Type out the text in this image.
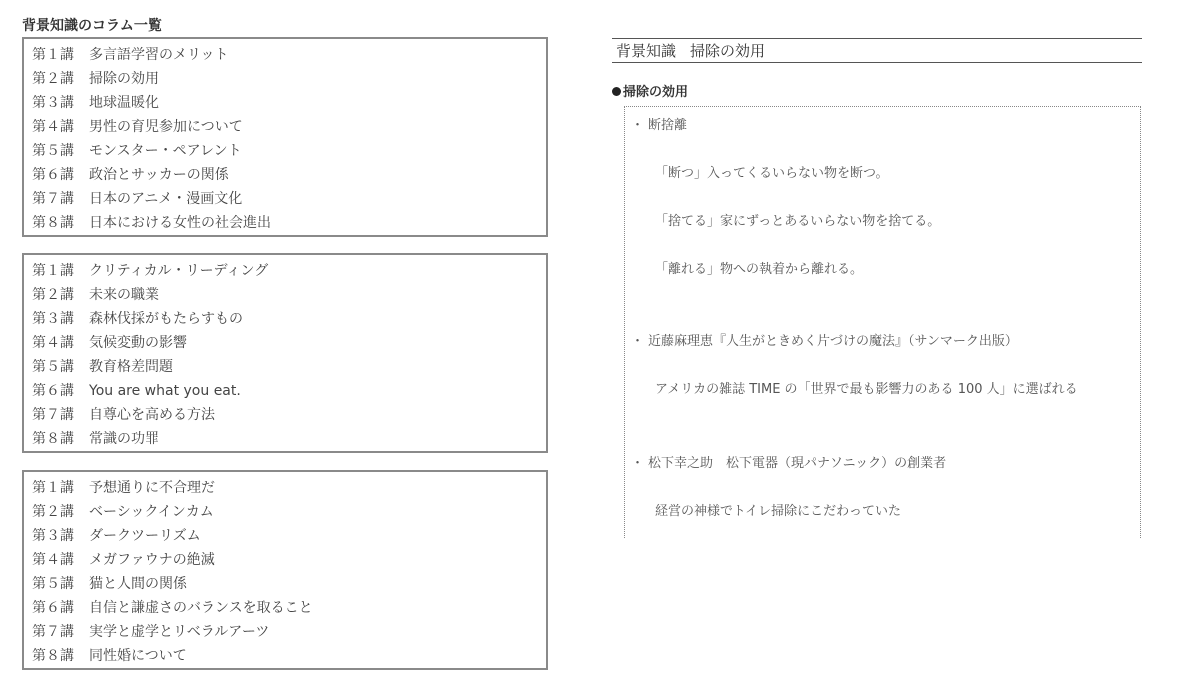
背景知識のコラム一覧
第１講 多言語学習のメリット
第２講 掃除の効用
第３講 地球温暖化
第４講 男性の育児参加について
第５講 モンスター・ペアレント
第６講 政治とサッカーの関係
第７講 日本のアニメ・漫画文化
第８講 日本における女性の社会進出
第１講 クリティカル・リーディング
第２講 未来の職業
第３講 森林伐採がもたらすもの
第４講 気候変動の影響
第５講 教育格差問題
第６講 You are what you eat.
第７講 自尊心を高める方法
第８講 常識の功罪
第１講 予想通りに不合理だ
第２講 ベーシックインカム
第３講 ダークツーリズム
第４講 メガファウナの絶滅
第５講 猫と人間の関係
第６講 自信と謙虚さのバランスを取ること
第７講 実学と虚学とリベラルアーツ
第８講 同性婚について
背景知識 掃除の効用
掃除の効用
・ 断捨離
「断つ」入ってくるいらない物を断つ。
「捨てる」家にずっとあるいらない物を捨てる。
「離れる」物への執着から離れる。
・ 近藤麻理恵『人生がときめく片づけの魔法』（サンマーク出版）
アメリカの雑誌 TIME の「世界で最も影響力のある 100 人」に選ばれる
・ 松下幸之助　松下電器（現パナソニック）の創業者
経営の神様でトイレ掃除にこだわっていた
